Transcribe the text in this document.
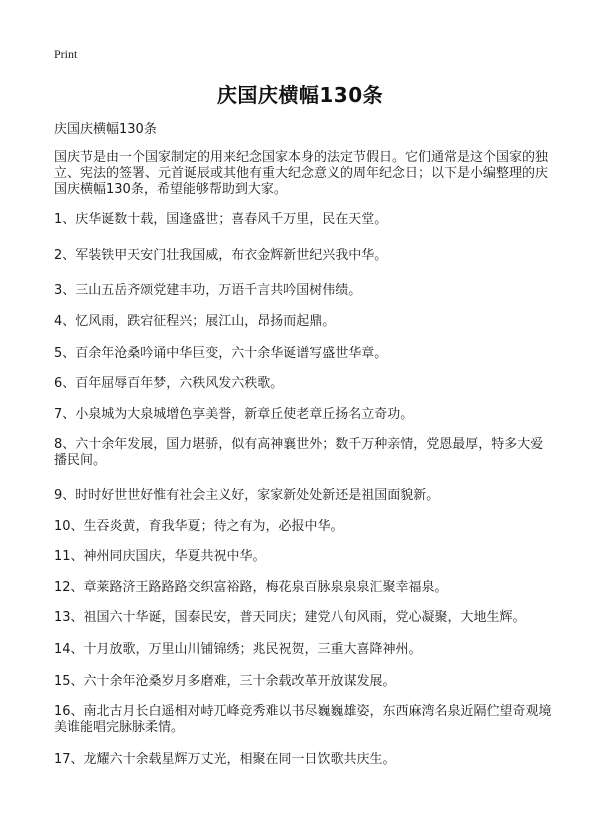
Print
庆国庆横幅130条
庆国庆横幅130条
国庆节是由一个国家制定的用来纪念国家本身的法定节假日。它们通常是这个国家的独立、宪法的签署、元首诞辰或其他有重大纪念意义的周年纪念日；以下是小编整理的庆国庆横幅130条，希望能够帮助到大家。
1、庆华诞数十载，国逢盛世；喜春风千万里，民在天堂。
2、军装铁甲天安门壮我国威，布衣金辉新世纪兴我中华。
3、三山五岳齐颂党建丰功，万语千言共吟国树伟绩。
4、忆风雨，跌宕征程兴；展江山，昂扬而起鼎。
5、百余年沧桑吟诵中华巨变，六十余华诞谱写盛世华章。
6、百年屈辱百年梦，六秩风发六秩歌。
7、小泉城为大泉城增色享美誉，新章丘使老章丘扬名立奇功。
8、六十余年发展，国力堪骄，似有高神襄世外；数千万种亲情，党恩最厚，特多大爱播民间。
9、时时好世世好惟有社会主义好，家家新处处新还是祖国面貌新。
10、生吞炎黄，育我华夏；待之有为，必报中华。
11、神州同庆国庆，华夏共祝中华。
12、章莱路济王路路路交织富裕路，梅花泉百脉泉泉泉汇聚幸福泉。
13、祖国六十华诞，国泰民安，普天同庆；建党八旬风雨，党心凝聚，大地生辉。
14、十月放歌，万里山川铺锦绣；兆民祝贺，三重大喜降神州。
15、六十余年沧桑岁月多磨难，三十余载改革开放谋发展。
16、南北古月长白遥相对峙兀峰竞秀难以书尽巍巍雄姿，东西麻湾名泉近隔伫望奇观境美谁能唱完脉脉柔情。
17、龙耀六十余载星辉万丈光，相聚在同一日饮歌共庆生。
